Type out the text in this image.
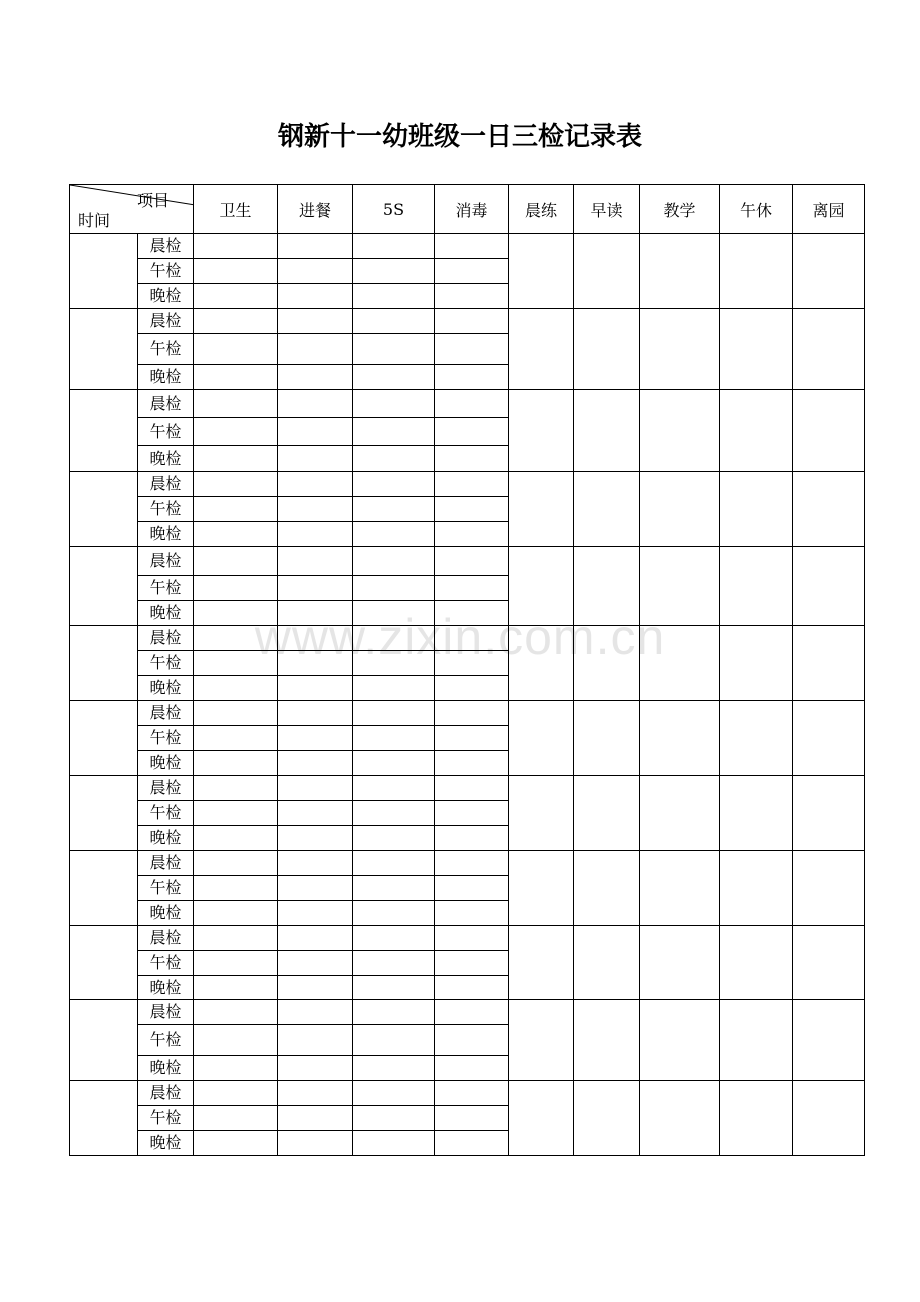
钢新十一幼班级一日三检记录表
项目
时间		卫生	进餐	5S	消毒	晨练	早读	教学	午休	离园
	晨检									
	午检									
	晚检									
	晨检									
	午检									
	晚检									
	晨检									
	午检									
	晚检									
	晨检									
	午检									
	晚检									
	晨检									
	午检									
	晚检									
	晨检									
	午检									
	晚检									
	晨检									
	午检									
	晚检									
	晨检									
	午检									
	晚检									
	晨检									
	午检									
	晚检									
	晨检									
	午检									
	晚检									
	晨检									
	午检									
	晚检									
	晨检									
	午检									
	晚检									
www.zixin.com.cn
